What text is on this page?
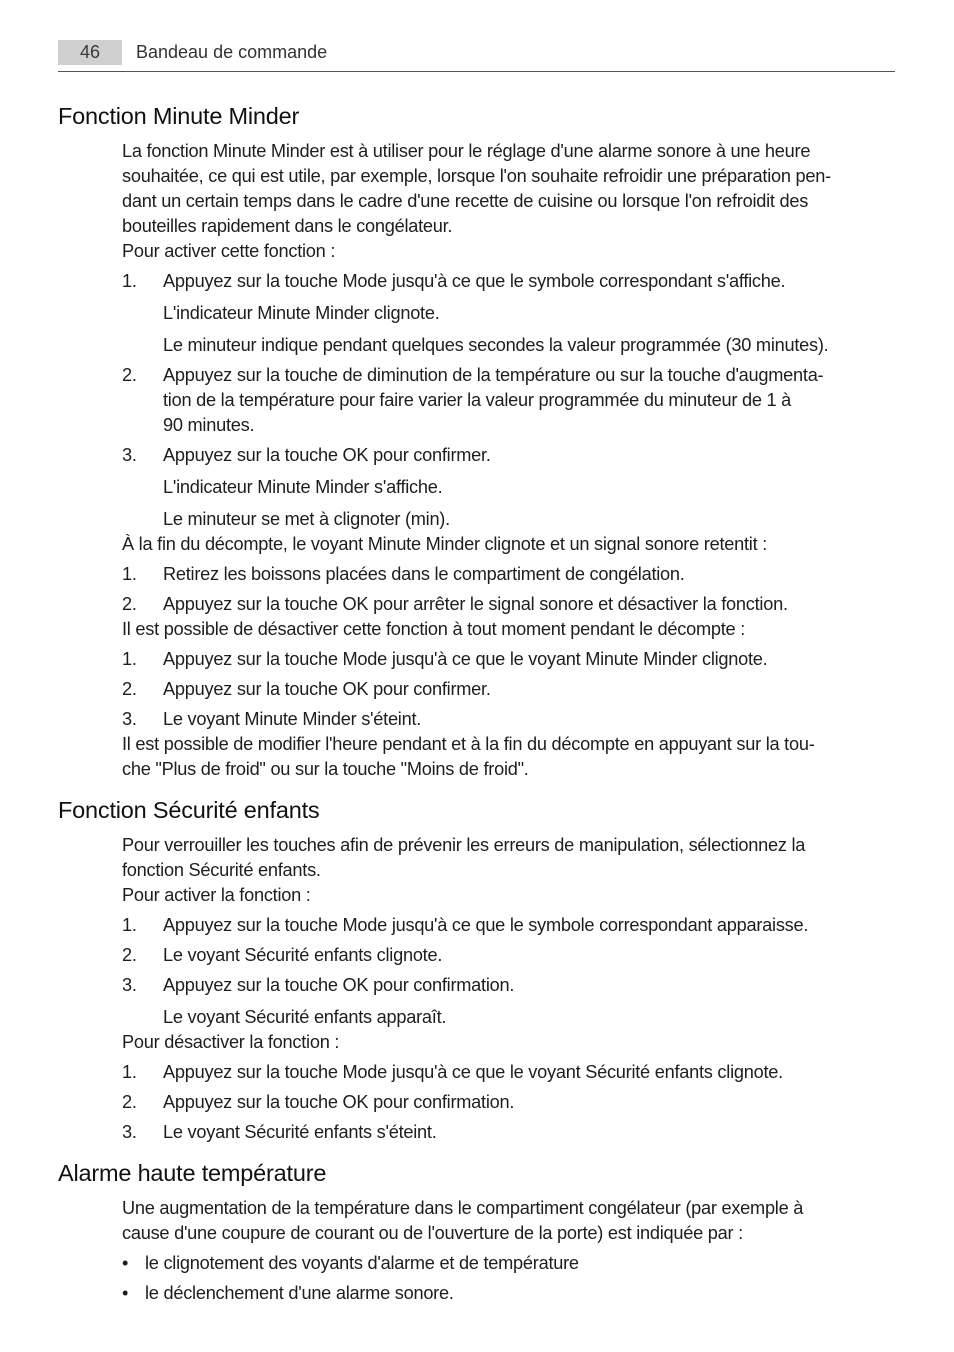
46	Bandeau de commande
Fonction Minute Minder
La fonction Minute Minder est à utiliser pour le réglage d'une alarme sonore à une heure
souhaitée, ce qui est utile, par exemple, lorsque l'on souhaite refroidir une préparation pen-
dant un certain temps dans le cadre d'une recette de cuisine ou lorsque l'on refroidit des
bouteilles rapidement dans le congélateur.
Pour activer cette fonction :
1. Appuyez sur la touche Mode jusqu'à ce que le symbole correspondant s'affiche.
L'indicateur Minute Minder clignote.
Le minuteur indique pendant quelques secondes la valeur programmée (30 minutes).
2. Appuyez sur la touche de diminution de la température ou sur la touche d'augmenta-
tion de la température pour faire varier la valeur programmée du minuteur de 1 à
90 minutes.
3. Appuyez sur la touche OK pour confirmer.
L'indicateur Minute Minder s'affiche.
Le minuteur se met à clignoter (min).
À la fin du décompte, le voyant Minute Minder clignote et un signal sonore retentit :
1. Retirez les boissons placées dans le compartiment de congélation.
2. Appuyez sur la touche OK pour arrêter le signal sonore et désactiver la fonction.
Il est possible de désactiver cette fonction à tout moment pendant le décompte :
1. Appuyez sur la touche Mode jusqu'à ce que le voyant Minute Minder clignote.
2. Appuyez sur la touche OK pour confirmer.
3. Le voyant Minute Minder s'éteint.
Il est possible de modifier l'heure pendant et à la fin du décompte en appuyant sur la tou-
che "Plus de froid" ou sur la touche "Moins de froid".
Fonction Sécurité enfants
Pour verrouiller les touches afin de prévenir les erreurs de manipulation, sélectionnez la
fonction Sécurité enfants.
Pour activer la fonction :
1. Appuyez sur la touche Mode jusqu'à ce que le symbole correspondant apparaisse.
2. Le voyant Sécurité enfants clignote.
3. Appuyez sur la touche OK pour confirmation.
Le voyant Sécurité enfants apparaît.
Pour désactiver la fonction :
1. Appuyez sur la touche Mode jusqu'à ce que le voyant Sécurité enfants clignote.
2. Appuyez sur la touche OK pour confirmation.
3. Le voyant Sécurité enfants s'éteint.
Alarme haute température
Une augmentation de la température dans le compartiment congélateur (par exemple à
cause d'une coupure de courant ou de l'ouverture de la porte) est indiquée par :
• le clignotement des voyants d'alarme et de température
• le déclenchement d'une alarme sonore.
